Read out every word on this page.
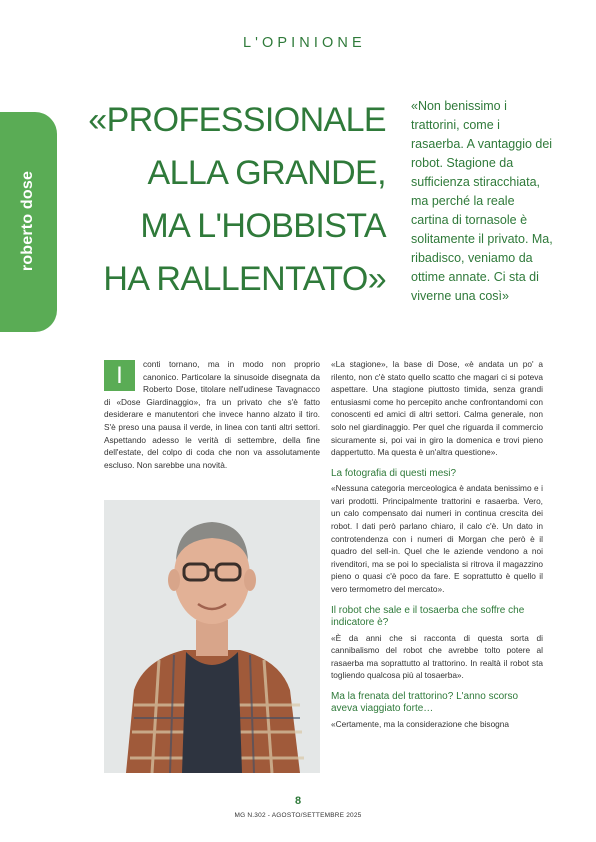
roberto dose
L'OPINIONE
«PROFESSIONALE
ALLA GRANDE,
MA L'HOBBISTA
HA RALLENTATO»

«Non benissimo i trattorini, come i rasaerba. A vantaggio dei robot. Stagione da sufficienza stiracchiata, ma perché la reale cartina di tornasole è solitamente il privato. Ma, ribadisco, veniamo da ottime annate. Ci sta di viverne una così»

I	conti tornano, ma in modo non proprio canonico. Particolare la sinusoide disegnata da Roberto Dose, titolare nell'udinese Tavagnacco di «Dose Giardinaggio», fra un privato che s'è fatto desiderare e manutentori che invece hanno alzato il tiro. S'è preso una pausa il verde, in linea con tanti altri settori. Aspettando adesso le verità di settembre, della fine dell'estate, del colpo di coda che non va assolutamente escluso. Non sarebbe una novità.

«La stagione», la base di Dose, «è andata un po' a rilento, non c'è stato quello scatto che magari ci si poteva aspettare. Una stagione piuttosto timida, senza grandi entusiasmi come ho percepito anche confrontandomi con conoscenti ed amici di altri settori. Calma generale, non solo nel giardinaggio. Per quel che riguarda il commercio sicuramente si, poi vai in giro la domenica e trovi pieno dappertutto. Ma questa è un'altra questione».

La fotografia di questi mesi?

«Nessuna categoria merceologica è andata benissimo e i vari prodotti. Principalmente trattorini e rasaerba. Vero, un calo compensato dai numeri in continua crescita dei robot. I dati però parlano chiaro, il calo c'è. Un dato in controtendenza con i numeri di Morgan che però è il quadro del sell-in. Quel che le aziende vendono a noi rivenditori, ma se poi lo specialista si ritrova il magazzino pieno o quasi c'è poco da fare. E soprattutto è quello il vero termometro del mercato».

Il robot che sale e il tosaerba che soffre che indicatore è?

«È da anni che si racconta di questa sorta di cannibalismo del robot che avrebbe tolto potere al rasaerba ma soprattutto al trattorino. In realtà il robot sta togliendo qualcosa più al tosaerba».

Ma la frenata del trattorino? L'anno scorso aveva viaggiato forte…

«Certamente, ma la considerazione che bisogna

8
MG N.302 - AGOSTO/SETTEMBRE 2025
